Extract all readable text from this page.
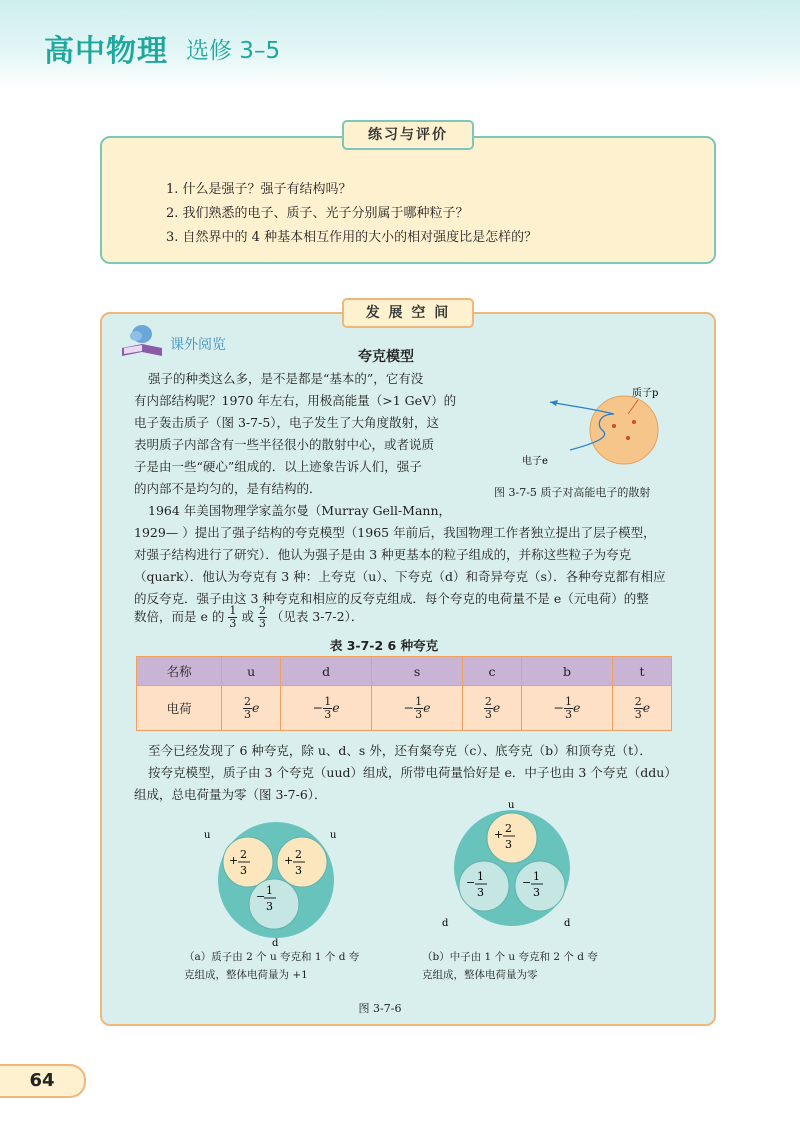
高中物理 选修 3–5
1. 什么是强子？强子有结构吗？
2. 我们熟悉的电子、质子、光子分别属于哪种粒子？
3. 自然界中的 4 种基本相互作用的大小的相对强度比是怎样的？
练习与评价
发 展 空 间
课外阅览
夸克模型
强子的种类这么多，是不是都是“基本的”，它有没
有内部结构呢？1970 年左右，用极高能量（>1 GeV）的
电子轰击质子（图 3-7-5），电子发生了大角度散射，这
表明质子内部含有一些半径很小的散射中心，或者说质
子是由一些“硬心”组成的．以上迹象告诉人们，强子
的内部不是均匀的，是有结构的．
质子p
电子e
图 3-7-5 质子对高能电子的散射
1964 年美国物理学家盖尔曼（Murray Gell-Mann，
1929— ）提出了强子结构的夸克模型（1965 年前后，我国物理工作者独立提出了层子模型，
对强子结构进行了研究）．他认为强子是由 3 种更基本的粒子组成的，并称这些粒子为夸克
（quark）．他认为夸克有 3 种：上夸克（u）、下夸克（d）和奇异夸克（s）．各种夸克都有相应
的反夸克．强子由这 3 种夸克和相应的反夸克组成．每个夸克的电荷量不是 e（元电荷）的整
数倍，而是 e 的 $\frac{1}{3}$ 或 $\frac{2}{3}$ （见表 3-7-2）．
表 3-7-2 6 种夸克
名称	u	d	s	c	b	t
电荷	$\frac{2}{3}$ e	− $\frac{1}{3}$ e	− $\frac{1}{3}$ e	$\frac{2}{3}$ e	− $\frac{1}{3}$ e	$\frac{2}{3}$ e
至今已经发现了 6 种夸克，除 u、d、s 外，还有粲夸克（c）、底夸克（b）和顶夸克（t）．
按夸克模型，质子由 3 个夸克（uud）组成，所带电荷量恰好是 e．中子也由 3 个夸克（ddu）
组成，总电荷量为零（图 3-7-6）．
+ 2
3
+ 2
3
− 1
3
u	u
d
（a）质子由 2 个 u 夸克和 1 个 d 夸
克组成，整体电荷量为 +1
+ 2
3
− 1
3
− 1
3
u
d	d
（b）中子由 1 个 u 夸克和 2 个 d 夸
克组成，整体电荷量为零
图 3-7-6
64
